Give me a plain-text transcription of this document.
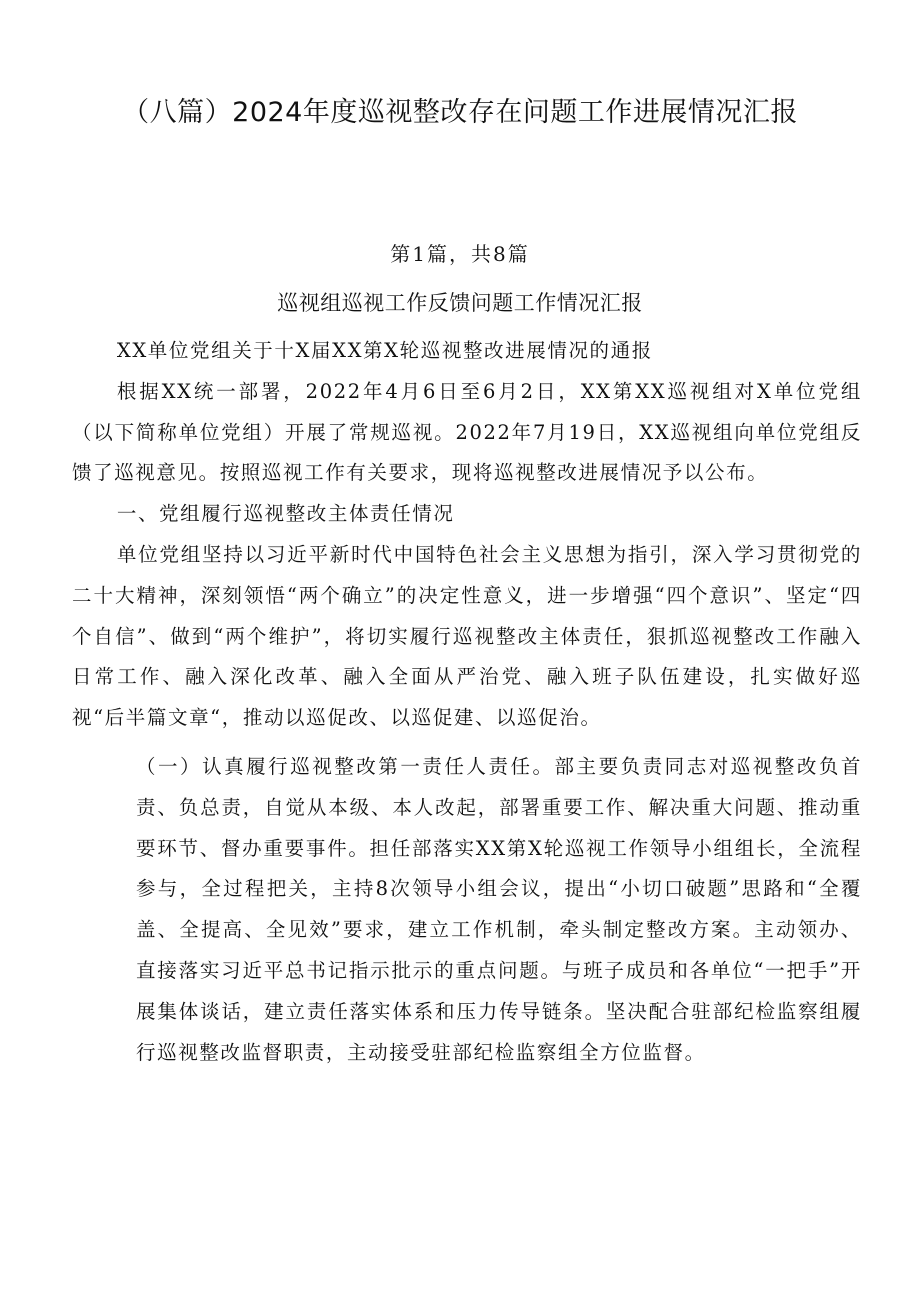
（八篇）2024年度巡视整改存在问题工作进展情况汇报
第1篇，共8篇
巡视组巡视工作反馈问题工作情况汇报

XX单位党组关于十X届XX第X轮巡视整改进展情况的通报

根据XX统一部署，2022年4月6日至6月2日，XX第XX巡视组对X单位党组（以下简称单位党组）开展了常规巡视。2022年7月19日，XX巡视组向单位党组反馈了巡视意见。按照巡视工作有关要求，现将巡视整改进展情况予以公布。

一、党组履行巡视整改主体责任情况

单位党组坚持以习近平新时代中国特色社会主义思想为指引，深入学习贯彻党的二十大精神，深刻领悟“两个确立”的决定性意义，进一步增强“四个意识”、坚定“四个自信”、做到“两个维护”，将切实履行巡视整改主体责任，狠抓巡视整改工作融入日常工作、融入深化改革、融入全面从严治党、融入班子队伍建设，扎实做好巡视“后半篇文章“，推动以巡促改、以巡促建、以巡促治。

（一）认真履行巡视整改第一责任人责任。部主要负责同志对巡视整改负首责、负总责，自觉从本级、本人改起，部署重要工作、解决重大问题、推动重要环节、督办重要事件。担任部落实XX第X轮巡视工作领导小组组长，全流程参与，全过程把关，主持8次领导小组会议，提出“小切口破题”思路和“全覆盖、全提高、全见效”要求，建立工作机制，牵头制定整改方案。主动领办、直接落实习近平总书记指示批示的重点问题。与班子成员和各单位“一把手”开展集体谈话，建立责任落实体系和压力传导链条。坚决配合驻部纪检监察组履行巡视整改监督职责，主动接受驻部纪检监察组全方位监督。
